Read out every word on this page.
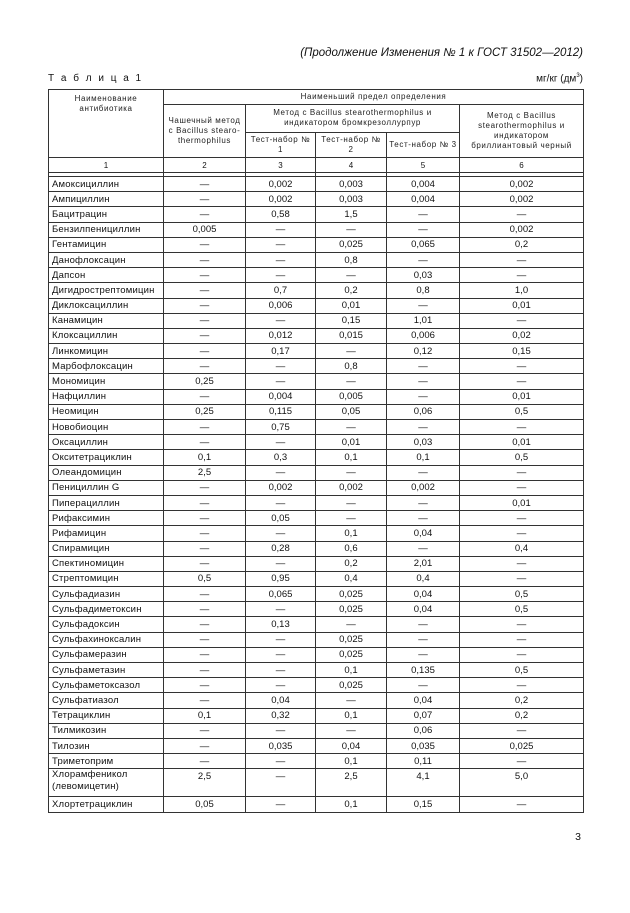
(Продолжение Изменения № 1 к ГОСТ 31502—2012)
Т а б л и ц а 1	мг/кг $(дм^3)$
Наименование антибиотика	Наименьший предел определения				
	Чашечный метод с Bacillus stearo-thermophilus	Метод с Bacillus stearothermophilus и индикатором бромкрезоллурпур			Метод с Bacillus stearothermophilus и индикатором бриллиантовый черный
		Тест-набор № 1	Тест-набор № 2	Тест-набор № 3	
1	2	3	4	5	6

Амоксициллин	—	0,002	0,003	0,004	0,002
Ампициллин	—	0,002	0,003	0,004	0,002
Бацитрацин	—	0,58	1,5	—	—
Бензилпенициллин	0,005	—	—	—	0,002
Гентамицин	—	—	0,025	0,065	0,2
Данофлоксацин	—	—	0,8	—	—
Дапсон	—	—	—	0,03	—
Дигидрострептомицин	—	0,7	0,2	0,8	1,0
Диклоксациллин	—	0,006	0,01	—	0,01
Канамицин	—	—	0,15	1,01	—
Клоксациллин	—	0,012	0,015	0,006	0,02
Линкомицин	—	0,17	—	0,12	0,15
Марбофлоксацин	—	—	0,8	—	—
Мономицин	0,25	—	—	—	—
Нафциллин	—	0,004	0,005	—	0,01
Неомицин	0,25	0,115	0,05	0,06	0,5
Новобиоцин	—	0,75	—	—	—
Оксациллин	—	—	0,01	0,03	0,01
Окситетрациклин	0,1	0,3	0,1	0,1	0,5
Олеандомицин	2,5	—	—	—	—
Пенициллин G	—	0,002	0,002	0,002	—
Пиперациллин	—	—	—	—	0,01
Рифаксимин	—	0,05	—	—	—
Рифамицин	—	—	0,1	0,04	—
Спирамицин	—	0,28	0,6	—	0,4
Спектиномицин	—	—	0,2	2,01	—
Стрептомицин	0,5	0,95	0,4	0,4	—
Сульфадиазин	—	0,065	0,025	0,04	0,5
Сульфадиметоксин	—	—	0,025	0,04	0,5
Сульфадоксин	—	0,13	—	—	—
Сульфахиноксалин	—	—	0,025	—	—
Сульфамеразин	—	—	0,025	—	—
Сульфаметазин	—	—	0,1	0,135	0,5
Сульфаметоксазол	—	—	0,025	—	—
Сульфатиазол	—	0,04	—	0,04	0,2
Тетрациклин	0,1	0,32	0,1	0,07	0,2
Тилмикозин	—	—	—	0,06	—
Тилозин	—	0,035	0,04	0,035	0,025
Триметоприм	—	—	0,1	0,11	—
Хлорамфеникол (левомицетин)	2,5	—	2,5	4,1	5,0
Хлортетрациклин	0,05	—	0,1	0,15	—
3
